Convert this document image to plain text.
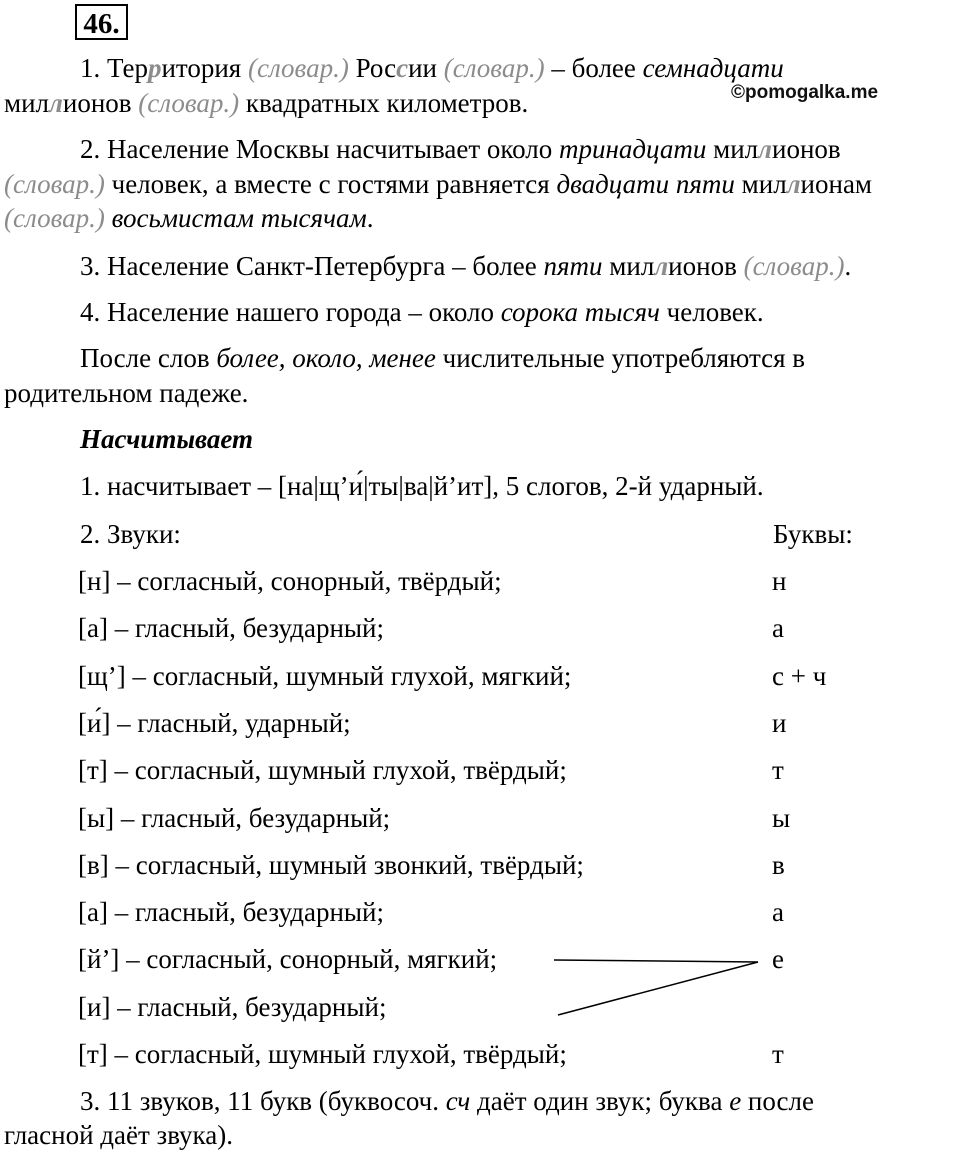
46.
©pomogalka.me
1. Территория (словар.) России (словар.) – более семнадцати
миллионов (словар.) квадратных километров.
2. Население Москвы насчитывает около тринадцати миллионов
(словар.) человек, а вместе с гостями равняется двадцати пяти миллионам
(словар.) восьмистам тысячам.
3. Население Санкт-Петербурга – более пяти миллионов (словар.).
4. Население нашего города – около сорока тысяч человек.
После слов более, около, менее числительные употребляются в
родительном падеже.
Насчитывает
1. насчитывает – [на|щ’и́|ты|ва|й’ит], 5 слогов, 2-й ударный.
2. Звуки:	Буквы:
[н] – согласный, сонорный, твёрдый;	н
[а] – гласный, безударный;	а
[щ’] – согласный, шумный глухой, мягкий;	с + ч
[и́] – гласный, ударный;	и
[т] – согласный, шумный глухой, твёрдый;	т
[ы] – гласный, безударный;	ы
[в] – согласный, шумный звонкий, твёрдый;	в
[а] – гласный, безударный;	а
[й’] – согласный, сонорный, мягкий;	е
[и] – гласный, безударный;
[т] – согласный, шумный глухой, твёрдый;	т
3. 11 звуков, 11 букв (буквосоч. сч даёт один звук; буква е после
гласной даёт звука).
